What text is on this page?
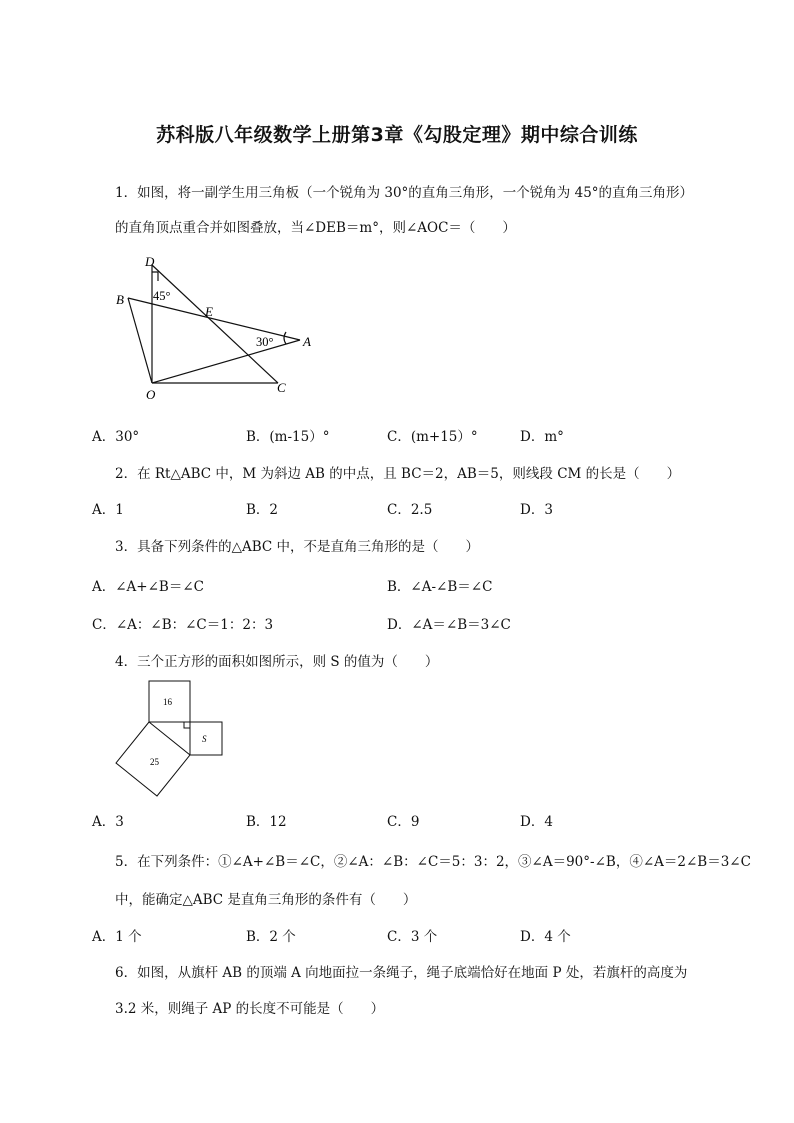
苏科版八年级数学上册第3章《勾股定理》期中综合训练
1．如图，将一副学生用三角板（一个锐角为 30°的直角三角形，一个锐角为 45°的直角三角形）
的直角顶点重合并如图叠放，当∠DEB＝m°，则∠AOC＝（　　）
D
B
E
A
C
O
45°
30°
A．30°	B．(m-15）°	C．(m+15）°	D．m°
2．在 Rt△ABC 中，M 为斜边 AB 的中点，且 BC＝2，AB＝5，则线段 CM 的长是（　　）
A．1	B．2	C．2.5	D．3
3．具备下列条件的△ABC 中，不是直角三角形的是（　　）
A．∠A+∠B＝∠C	B．∠A-∠B＝∠C
C．∠A：∠B：∠C＝1：2：3	D．∠A＝∠B＝3∠C
4．三个正方形的面积如图所示，则 S 的值为（　　）
16
25
S
A．3	B．12	C．9	D．4
5．在下列条件：①∠A+∠B＝∠C，②∠A：∠B：∠C＝5：3：2，③∠A＝90°-∠B，④∠A＝2∠B＝3∠C
中，能确定△ABC 是直角三角形的条件有（　　）
A．1 个	B．2 个	C．3 个	D．4 个
6．如图，从旗杆 AB 的顶端 A 向地面拉一条绳子，绳子底端恰好在地面 P 处，若旗杆的高度为
3.2 米，则绳子 AP 的长度不可能是（　　）
